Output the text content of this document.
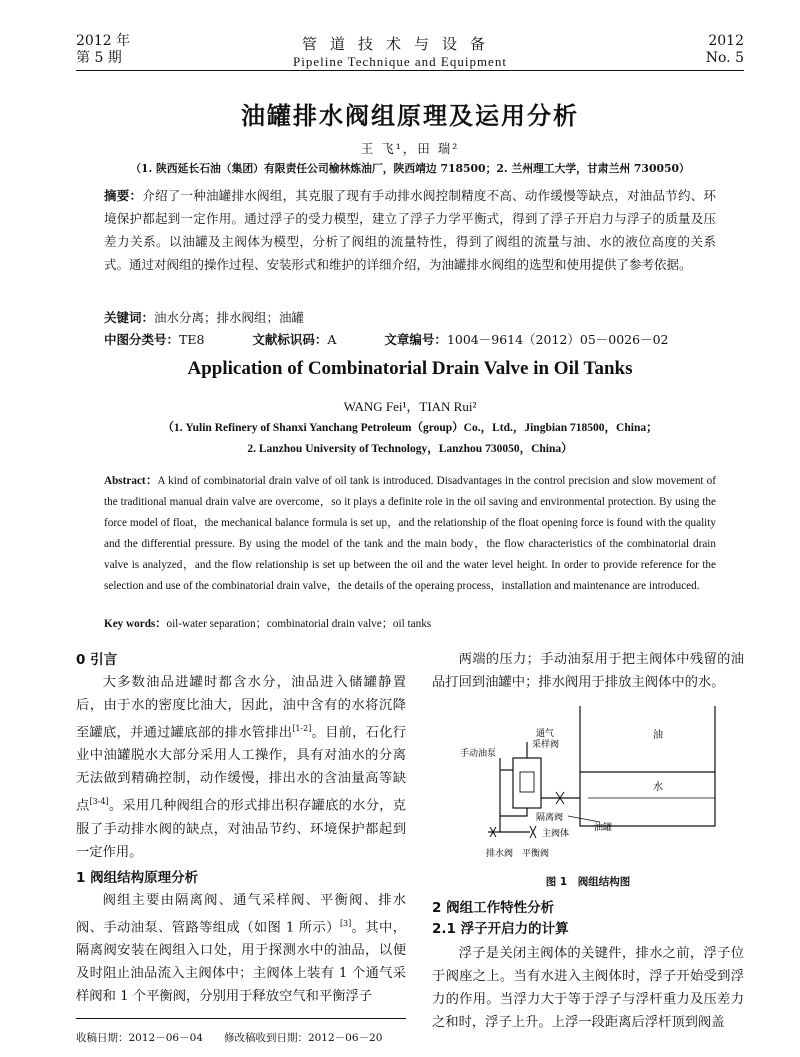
2012 年
第 5 期
管道技术与设备
Pipeline Technique and Equipment
2012
No. 5
油罐排水阀组原理及运用分析
王 飞¹，田 瑞²
（1. 陕西延长石油（集团）有限责任公司榆林炼油厂，陕西靖边 718500；2. 兰州理工大学，甘肃兰州 730050）
摘要：介绍了一种油罐排水阀组，其克服了现有手动排水阀控制精度不高、动作缓慢等缺点，对油品节约、环境保护都起到一定作用。通过浮子的受力模型，建立了浮子力学平衡式，得到了浮子开启力与浮子的质量及压差力关系。以油罐及主阀体为模型，分析了阀组的流量特性，得到了阀组的流量与油、水的液位高度的关系式。通过对阀组的操作过程、安装形式和维护的详细介绍，为油罐排水阀组的选型和使用提供了参考依据。
关键词：油水分离；排水阀组；油罐
中图分类号：TE8	文献标识码：A	文章编号：1004－9614（2012）05－0026－02
Application of Combinatorial Drain Valve in Oil Tanks
WANG Fei¹，TIAN Rui²
（1. Yulin Refinery of Shanxi Yanchang Petroleum（group）Co.，Ltd.，Jingbian 718500，China；
2. Lanzhou University of Technology，Lanzhou 730050，China）
Abstract：A kind of combinatorial drain valve of oil tank is introduced. Disadvantages in the control precision and slow movement of the traditional manual drain valve are overcome，so it plays a definite role in the oil saving and environmental protection. By using the force model of float，the mechanical balance formula is set up，and the relationship of the float opening force is found with the quality and the differential pressure. By using the model of the tank and the main body，the flow characteristics of the combinatorial drain valve is analyzed，and the flow relationship is set up between the oil and the water level height. In order to provide reference for the selection and use of the combinatorial drain valve，the details of the operaing process，installation and maintenance are introduced.
Key words：oil-water separation；combinatorial drain valve；oil tanks
0 引言
大多数油品进罐时都含水分，油品进入储罐静置后，由于水的密度比油大，因此，油中含有的水将沉降至罐底，并通过罐底部的排水管排出[1-2]。目前，石化行业中油罐脱水大部分采用人工操作，具有对油水的分离无法做到精确控制，动作缓慢，排出水的含油量高等缺点[3-4]。采用几种阀组合的形式排出积存罐底的水分，克服了手动排水阀的缺点，对油品节约、环境保护都起到一定作用。
1 阀组结构原理分析
阀组主要由隔离阀、通气采样阀、平衡阀、排水阀、手动油泵、管路等组成（如图 1 所示）[3]。其中，隔离阀安装在阀组入口处，用于探测水中的油品，以便及时阻止油品流入主阀体中；主阀体上装有 1 个通气采样阀和 1 个平衡阀，分别用于释放空气和平衡浮子
收稿日期：2012－06－04　　修改稿收到日期：2012－06－20
两端的压力；手动油泵用于把主阀体中残留的油品打回到油罐中；排水阀用于排放主阀体中的水。
油
水
手动油泵
通气
采样阀
隔离阀
主阀体
油罐
排水阀 平衡阀
图 1　 阀组结构图
2 阀组工作特性分析
2.1 浮子开启力的计算
浮子是关闭主阀体的关键件，排水之前，浮子位于阀座之上。当有水进入主阀体时，浮子开始受到浮力的作用。当浮力大于等于浮子与浮杆重力及压差力之和时，浮子上升。上浮一段距离后浮杆顶到阀盖
